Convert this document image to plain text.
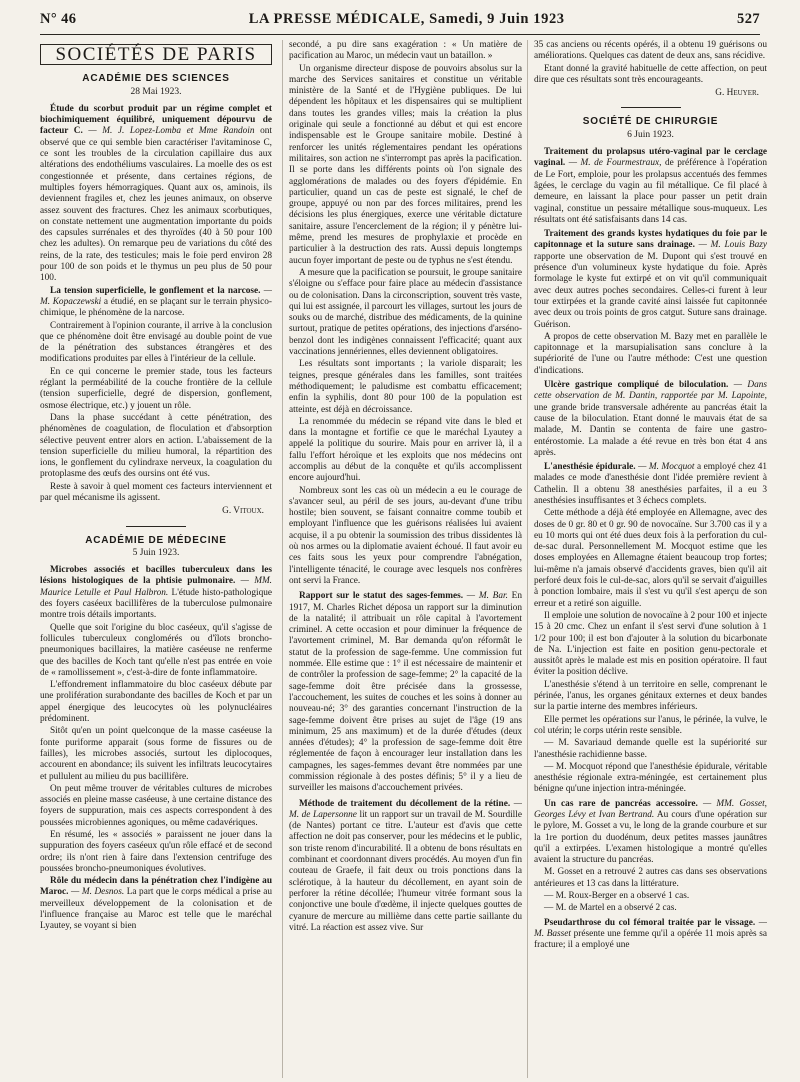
N° 46	LA PRESSE MÉDICALE, Samedi, 9 Juin 1923	527
SOCIÉTÉS DE PARIS
ACADÉMIE DES SCIENCES
28 Mai 1923.

Étude du scorbut produit par un régime complet et biochimiquement équilibré, uniquement dépourvu de facteur C. — M. J. Lopez-Lomba et Mme Randoin ont observé que ce qui semble bien caractériser l'avitaminose C, ce sont les troubles de la circulation capillaire dus aux altérations des endothéliums vasculaires. La moelle des os est congestionnée et présente, dans certaines régions, de multiples foyers hémorragiques. Quant aux os, aminois, ils deviennent fragiles et, chez les jeunes animaux, on observe assez souvent des fractures. Chez les animaux scorbutiques, on constate nettement une augmentation importante du poids des capsules surrénales et des thyroïdes (40 à 50 pour 100 chez les adultes). On remarque peu de variations du côté des reins, de la rate, des testicules; mais le foie perd environ 28 pour 100 de son poids et le thymus un peu plus de 50 pour 100.

La tension superficielle, le gonflement et la narcose. — M. Kopaczewski a étudié, en se plaçant sur le terrain physico-chimique, le phénomène de la narcose.

Contrairement à l'opinion courante, il arrive à la conclusion que ce phénomène doit être envisagé au double point de vue de la pénétration des substances étrangères et des modifications produites par elles à l'intérieur de la cellule.

En ce qui concerne le premier stade, tous les facteurs réglant la perméabilité de la couche frontière de la cellule (tension superficielle, degré de dispersion, gonflement, osmose électrique, etc.) y jouent un rôle.

Dans la phase succédant à cette pénétration, des phénomènes de coagulation, de floculation et d'absorption sélective peuvent entrer alors en action. L'abaissement de la tension superficielle du milieu humoral, la répartition des ions, le gonflement du cylindraxe nerveux, la coagulation du protoplasme des œufs des oursins ont été vus.

Reste à savoir à quel moment ces facteurs interviennent et par quel mécanisme ils agissent.

G. Vitoux.
ACADÉMIE DE MÉDECINE
5 Juin 1923.

Microbes associés et bacilles tuberculeux dans les lésions histologiques de la phtisie pulmonaire. — MM. Maurice Letulle et Paul Halbron. L'étude histo-pathologique des foyers caséeux bacillifères de la tuberculose pulmonaire montre trois détails importants.

Quelle que soit l'origine du bloc caséeux, qu'il s'agisse de follicules tuberculeux conglomérés ou d'îlots broncho-pneumoniques bacillaires, la matière caséeuse ne renferme que des bacilles de Koch tant qu'elle n'est pas entrée en voie de « ramollissement », c'est-à-dire de fonte inflammatoire.

L'effondrement inflammatoire du bloc caséeux débute par une prolifération surabondante des bacilles de Koch et par un appel énergique des leucocytes où les polynucléaires prédominent.

Sitôt qu'en un point quelconque de la masse caséeuse la fonte puriforme apparait (sous forme de fissures ou de failles), les microbes associés, surtout les diplocoques, accourent en abondance; ils suivent les infiltrats leucocytaires et pullulent au milieu du pus bacillifère.

On peut même trouver de véritables cultures de microbes associés en pleine masse caséeuse, à une certaine distance des foyers de suppuration, mais ces aspects correspondent à des poussées microbiennes agoniques, ou même cadavériques.

En résumé, les « associés » paraissent ne jouer dans la suppuration des foyers caséeux qu'un rôle effacé et de second ordre; ils n'ont rien à faire dans l'extension centrifuge des poussées broncho-pneumoniques évolutives.

Rôle du médecin dans la pénétration chez l'indigène au Maroc. — M. Desnos. La part que le corps médical a prise au merveilleux développement de la colonisation et de l'influence française au Maroc est telle que le maréchal Lyautey, se voyant si bien

secondé, a pu dire sans exagération : « Un matière de pacification au Maroc, un médecin vaut un bataillon. »

Un organisme directeur dispose de pouvoirs absolus sur la marche des Services sanitaires et constitue un véritable ministère de la Santé et de l'Hygiène publiques. De lui dépendent les hôpitaux et les dispensaires qui se multiplient dans toutes les grandes villes; mais la création la plus originale qui seule a fonctionné au début et qui est encore indispensable est le Groupe sanitaire mobile. Destiné à renforcer les unités réglementaires pendant les opérations militaires, son action ne s'interrompt pas après la pacification. Il se porte dans les différents points où l'on signale des agglomérations de malades ou des foyers d'épidémie. En particulier, quand un cas de peste est signalé, le chef de groupe, appuyé ou non par des forces militaires, prend les décisions les plus énergiques, exerce une véritable dictature sanitaire, assure l'encerclement de la région; il y pénètre lui-même, prend les mesures de prophylaxie et procède en particulier à la destruction des rats. Aussi depuis longtemps aucun foyer important de peste ou de typhus ne s'est étendu.

A mesure que la pacification se poursuit, le groupe sanitaire s'éloigne ou s'efface pour faire place au médecin d'assistance ou de colonisation. Dans la circonscription, souvent très vaste, qui lui est assignée, il parcourt les villages, surtout les jours de souks ou de marché, distribue des médicaments, de la quinine surtout, pratique de petites opérations, des injections d'arséno-benzol dont les indigènes connaissent l'efficacité; quant aux vaccinations jennériennes, elles deviennent obligatoires.

Les résultats sont importants ; la variole disparait; les teignes, presque générales dans les familles, sont traitées méthodiquement; le paludisme est combattu efficacement; enfin la syphilis, dont 80 pour 100 de la population est atteinte, est déjà en décroissance.

La renommée du médecin se répand vite dans le bled et dans la montagne et fortifie ce que le maréchal Lyautey a appelé la politique du sourire. Mais pour en arriver là, il a fallu l'effort héroïque et les exploits que nos médecins ont accomplis au début de la conquête et qu'ils accomplissent encore aujourd'hui.

Nombreux sont les cas où un médecin a eu le courage de s'avancer seul, au péril de ses jours, au-devant d'une tribu hostile; bien souvent, se faisant connaitre comme toubib et employant l'influence que les guérisons réalisées lui avaient acquise, il a pu obtenir la soumission des tribus dissidentes là où nos armes ou la diplomatie avaient échoué. Il faut avoir eu ces faits sous les yeux pour comprendre l'abnégation, l'intelligente ténacité, le courage avec lesquels nos confrères ont servi la France.

Rapport sur le statut des sages-femmes. — M. Bar. En 1917, M. Charles Richet déposa un rapport sur la diminution de la natalité; il attribuait un rôle capital à l'avortement criminel. A cette occasion et pour diminuer la fréquence de l'avortement criminel, M. Bar demanda qu'on réformât le statut de la profession de sage-femme. Une commission fut nommée. Elle estime que : 1° il est nécessaire de maintenir et de contrôler la profession de sage-femme; 2° la capacité de la sage-femme doit être précisée dans la grossesse, l'accouchement, les suites de couches et les soins à donner au nouveau-né; 3° des garanties concernant l'instruction de la sage-femme doivent être prises au sujet de l'âge (19 ans minimum, 25 ans maximum) et de la durée d'études (deux années d'études); 4° la profession de sage-femme doit être réglementée de façon à encourager leur installation dans les campagnes, les sages-femmes devant être nommées par une commission régionale à des postes définis; 5° il y a lieu de surveiller les maisons d'accouchement privées.

Méthode de traitement du décollement de la rétine. — M. de Lapersonne lit un rapport sur un travail de M. Sourdille (de Nantes) portant ce titre. L'auteur est d'avis que cette affection ne doit pas conserver, pour les médecins et le public, son triste renom d'incurabilité. Il a obtenu de bons résultats en combinant et coordonnant divers procédés. Au moyen d'un fin couteau de Graefe, il fait deux ou trois ponctions dans la sclérotique, à la hauteur du décollement, en ayant soin de perforer la rétine décollée; l'humeur vitrée formant sous la conjonctive une boule d'œdème, il injecte quelques gouttes de cyanure de mercure au millième dans cette partie saillante du vitré. La réaction est assez vive. Sur

35 cas anciens ou récents opérés, il a obtenu 19 guérisons ou améliorations. Quelques cas datent de deux ans, sans récidive.

Etant donné la gravité habituelle de cette affection, on peut dire que ces résultats sont très encourageants.

G. Heuyer.
SOCIÉTÉ DE CHIRURGIE
6 Juin 1923.

Traitement du prolapsus utéro-vaginal par le cerclage vaginal. — M. de Fourmestraux, de préférence à l'opération de Le Fort, emploie, pour les prolapsus accentués des femmes âgées, le cerclage du vagin au fil métallique. Ce fil placé à demeure, en laissant la place pour passer un petit drain vaginal, constitue un pessaire métallique sous-muqueux. Les résultats ont été satisfaisants dans 14 cas.

Traitement des grands kystes hydatiques du foie par le capitonnage et la suture sans drainage. — M. Louis Bazy rapporte une observation de M. Dupont qui s'est trouvé en présence d'un volumineux kyste hydatique du foie. Après formolage le kyste fut extirpé et on vit qu'il communiquait avec deux autres poches secondaires. Celles-ci furent à leur tour extirpées et la grande cavité ainsi laissée fut capitonnée avec deux ou trois points de gros catgut. Suture sans drainage. Guérison.

A propos de cette observation M. Bazy met en parallèle le capitonnage et la marsupialisation sans conclure à la supériorité de l'une ou l'autre méthode: C'est une question d'indications.

Ulcère gastrique compliqué de biloculation. — Dans cette observation de M. Dantin, rapportée par M. Lapointe, une grande bride transversale adhérente au pancréas était la cause de la biloculation. Etant donné le mauvais état de sa malade, M. Dantin se contenta de faire une gastro-entérostomie. La malade a été revue en très bon état 4 ans après.

L'anesthésie épidurale. — M. Mocquot a employé chez 41 malades ce mode d'anesthésie dont l'idée première revient à Cathelin. Il a obtenu 38 anesthésies parfaites, il a eu 3 anesthésies insuffisantes et 3 échecs complets.

Cette méthode a déjà été employée en Allemagne, avec des doses de 0 gr. 80 et 0 gr. 90 de novocaïne. Sur 3.700 cas il y a eu 10 morts qui ont été dues deux fois à la perforation du cul-de-sac dural. Personnellement M. Mocquot estime que les doses employées en Allemagne étaient beaucoup trop fortes; lui-même n'a jamais observé d'accidents graves, bien qu'il ait perforé deux fois le cul-de-sac, alors qu'il se servait d'aiguilles à ponction lombaire, mais il s'est vu qu'il s'est aperçu de son erreur et a retiré son aiguille.

Il emploie une solution de novocaïne à 2 pour 100 et injecte 15 à 20 cmc. Chez un enfant il s'est servi d'une solution à 1 1/2 pour 100; il est bon d'ajouter à la solution du bicarbonate de Na. L'injection est faite en position genu-pectorale et aussitôt après le malade est mis en position opératoire. Il faut éviter la position déclive.

L'anesthésie s'étend à un territoire en selle, comprenant le périnée, l'anus, les organes génitaux externes et deux bandes sur la partie interne des membres inférieurs.

Elle permet les opérations sur l'anus, le périnée, la vulve, le col utérin; le corps utérin reste sensible.

— M. Savariaud demande quelle est la supériorité sur l'anesthésie rachidienne basse.

— M. Mocquot répond que l'anesthésie épidurale, véritable anesthésie régionale extra-méningée, est certainement plus bénigne qu'une injection intra-méningée.

Un cas rare de pancréas accessoire. — MM. Gosset, Georges Lévy et Ivan Bertrand. Au cours d'une opération sur le pylore, M. Gosset a vu, le long de la grande courbure et sur la 1re portion du duodénum, deux petites masses jaunâtres qu'il a extirpées. L'examen histologique a montré qu'elles avaient la structure du pancréas.

M. Gosset en a retrouvé 2 autres cas dans ses observations antérieures et 13 cas dans la littérature.

— M. Roux-Berger en a observé 1 cas.

— M. de Martel en a observé 2 cas.

Pseudarthrose du col fémoral traitée par le vissage. — M. Basset présente une femme qu'il a opérée 11 mois après sa fracture; il a employé une
